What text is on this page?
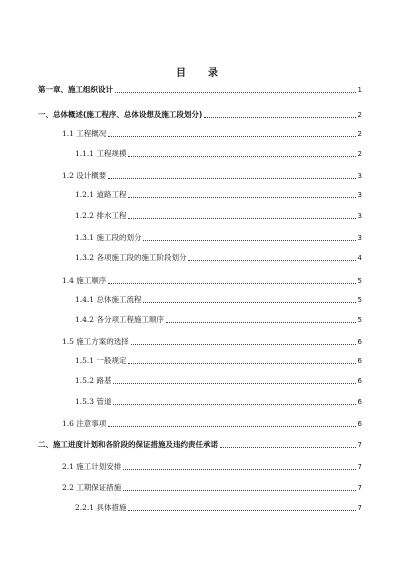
目　录
第一章、施工组织设计	1
一、总体概述(施工程序、总体设想及施工段划分)	2
1.1 工程概况	2
1.1.1 工程规模	2
1.2 设计概要	3
1.2.1 道路工程	3
1.2.2 排水工程	3
1.3.1 施工段的划分	3
1.3.2 各项施工段的施工阶段划分	4
1.4 施工顺序	5
1.4.1 总体施工流程	5
1.4.2 各分项工程施工顺序	5
1.5 施工方案的选择	6
1.5.1 一般规定	6
1.5.2 路基	6
1.5.3 管道	6
1.6 注意事项	6
二、施工进度计划和各阶段的保证措施及违约责任承诺	7
2.1 施工计划安排	7
2.2 工期保证措施	7
2.2.1 具体措施	7
